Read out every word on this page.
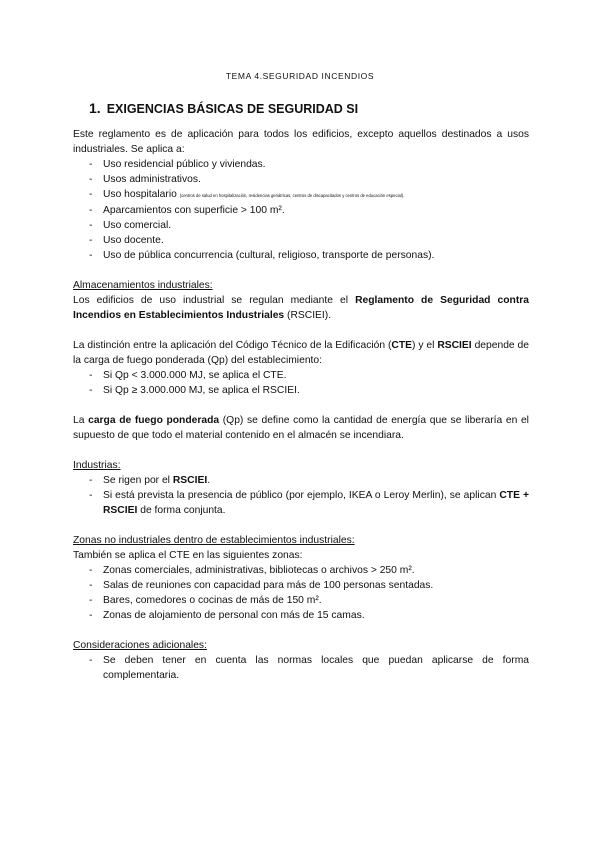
TEMA 4.SEGURIDAD INCENDIOS
1. EXIGENCIAS BÁSICAS DE SEGURIDAD SI

Este reglamento es de aplicación para todos los edificios, excepto aquellos destinados a usos industriales. Se aplica a:

- Uso residencial público y viviendas.
- Usos administrativos.
- Uso hospitalario (centros de salud en hospitalización, residencias geriátricas, centros de discapacitados y centros de educación especial).
- Aparcamientos con superficie > 100 m².
- Uso comercial.
- Uso docente.
- Uso de pública concurrencia (cultural, religioso, transporte de personas).

Almacenamientos industriales:

Los edificios de uso industrial se regulan mediante el Reglamento de Seguridad contra Incendios en Establecimientos Industriales (RSCIEI).

La distinción entre la aplicación del Código Técnico de la Edificación (CTE) y el RSCIEI depende de la carga de fuego ponderada (Qp) del establecimiento:

- Si Qp < 3.000.000 MJ, se aplica el CTE.
- Si Qp ≥ 3.000.000 MJ, se aplica el RSCIEI.

La carga de fuego ponderada (Qp) se define como la cantidad de energía que se liberaría en el supuesto de que todo el material contenido en el almacén se incendiara.

Industrias:

- Se rigen por el RSCIEI.
- Si está prevista la presencia de público (por ejemplo, IKEA o Leroy Merlin), se aplican CTE + RSCIEI de forma conjunta.

Zonas no industriales dentro de establecimientos industriales:

También se aplica el CTE en las siguientes zonas:

- Zonas comerciales, administrativas, bibliotecas o archivos > 250 m².
- Salas de reuniones con capacidad para más de 100 personas sentadas.
- Bares, comedores o cocinas de más de 150 m².
- Zonas de alojamiento de personal con más de 15 camas.

Consideraciones adicionales:

- Se deben tener en cuenta las normas locales que puedan aplicarse de forma complementaria.
